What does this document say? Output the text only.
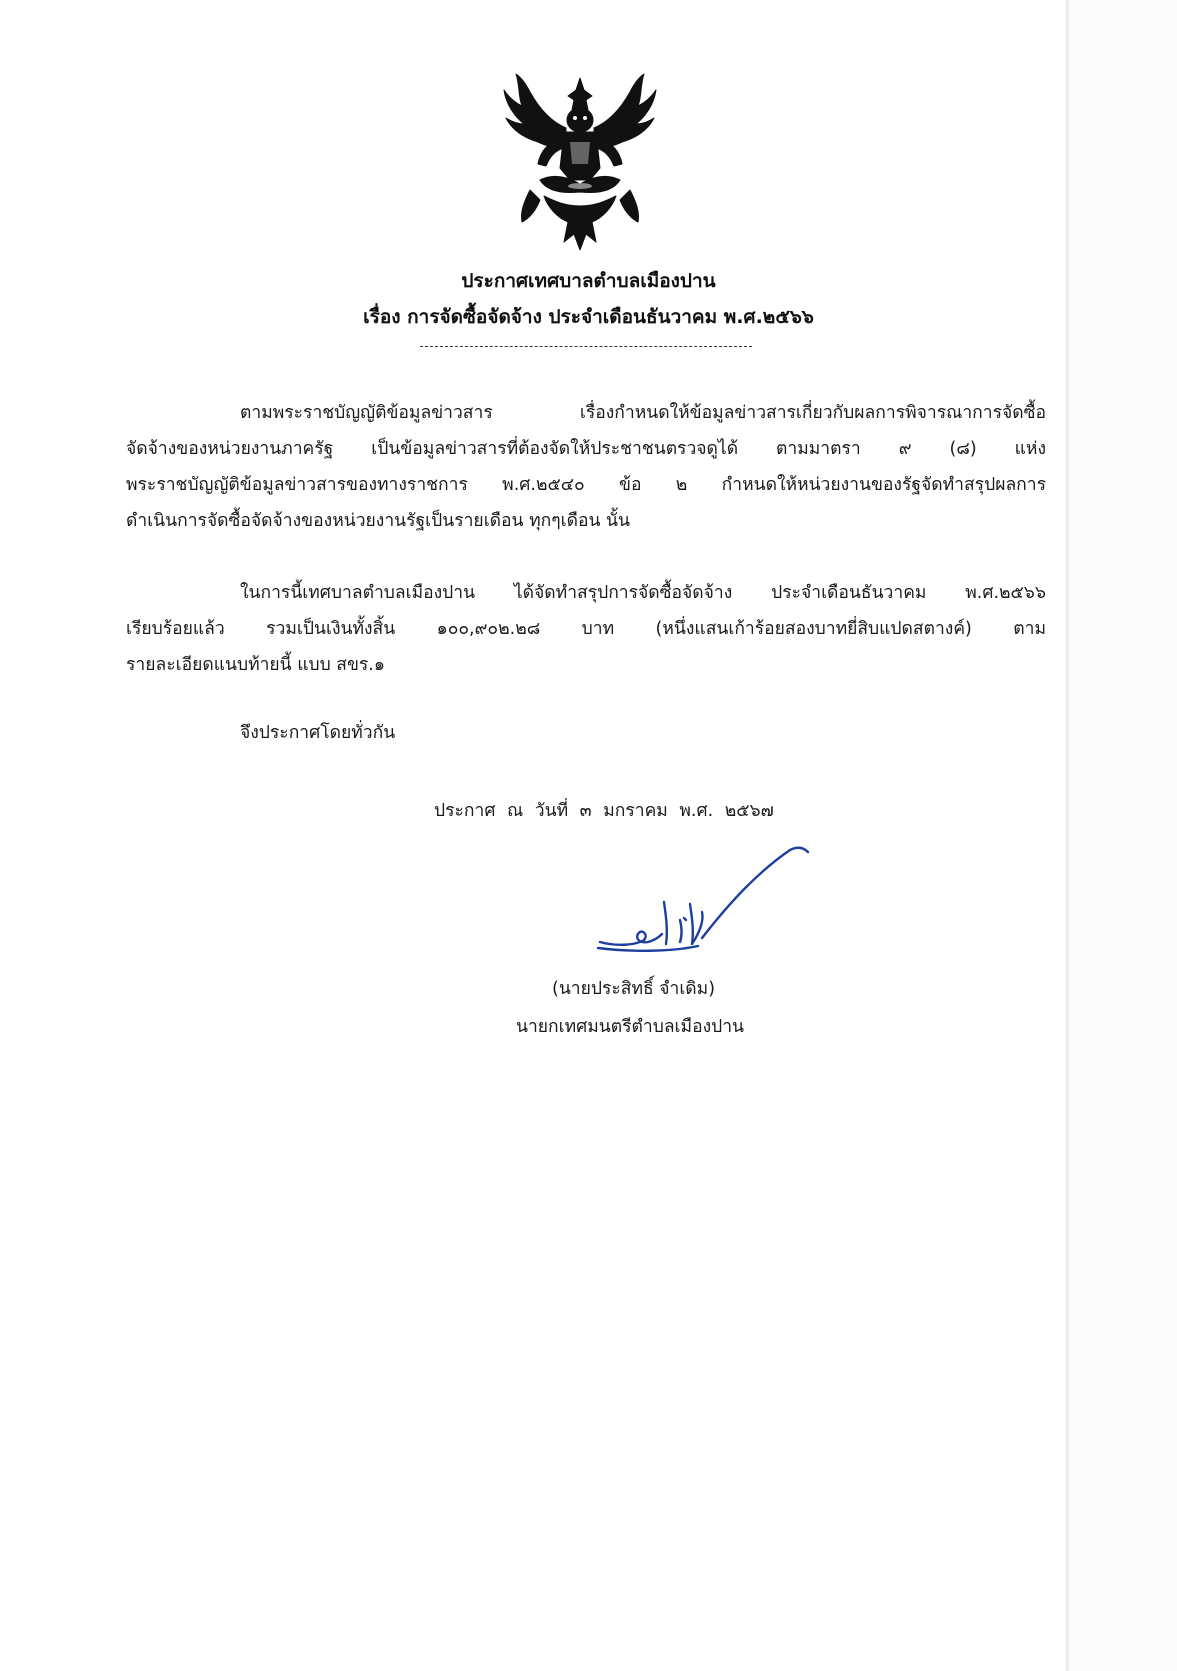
ประกาศเทศบาลตำบลเมืองปาน
เรื่อง การจัดซื้อจัดจ้าง ประจำเดือนธันวาคม พ.ศ.๒๕๖๖
ตามพระราชบัญญัติข้อมูลข่าวสาร เรื่องกำหนดให้ข้อมูลข่าวสารเกี่ยวกับผลการพิจารณาการจัดซื้อ
จัดจ้างของหน่วยงานภาครัฐ เป็นข้อมูลข่าวสารที่ต้องจัดให้ประชาชนตรวจดูได้ ตามมาตรา ๙ (๘) แห่ง
พระราชบัญญัติข้อมูลข่าวสารของทางราชการ พ.ศ.๒๕๔๐ ข้อ ๒ กำหนดให้หน่วยงานของรัฐจัดทำสรุปผลการ
ดำเนินการจัดซื้อจัดจ้างของหน่วยงานรัฐเป็นรายเดือน ทุกๆเดือน นั้น
ในการนี้เทศบาลตำบลเมืองปาน ได้จัดทำสรุปการจัดซื้อจัดจ้าง ประจำเดือนธันวาคม พ.ศ.๒๕๖๖
เรียบร้อยแล้ว รวมเป็นเงินทั้งสิ้น ๑๐๐,๙๐๒.๒๘ บาท (หนึ่งแสนเก้าร้อยสองบาทยี่สิบแปดสตางค์) ตาม
รายละเอียดแนบท้ายนี้ แบบ สขร.๑
จึงประกาศโดยทั่วกัน
ประกาศ ณ วันที่ ๓ มกราคม พ.ศ. ๒๕๖๗
(นายประสิทธิ์ จำเดิม)
นายกเทศมนตรีตำบลเมืองปาน
